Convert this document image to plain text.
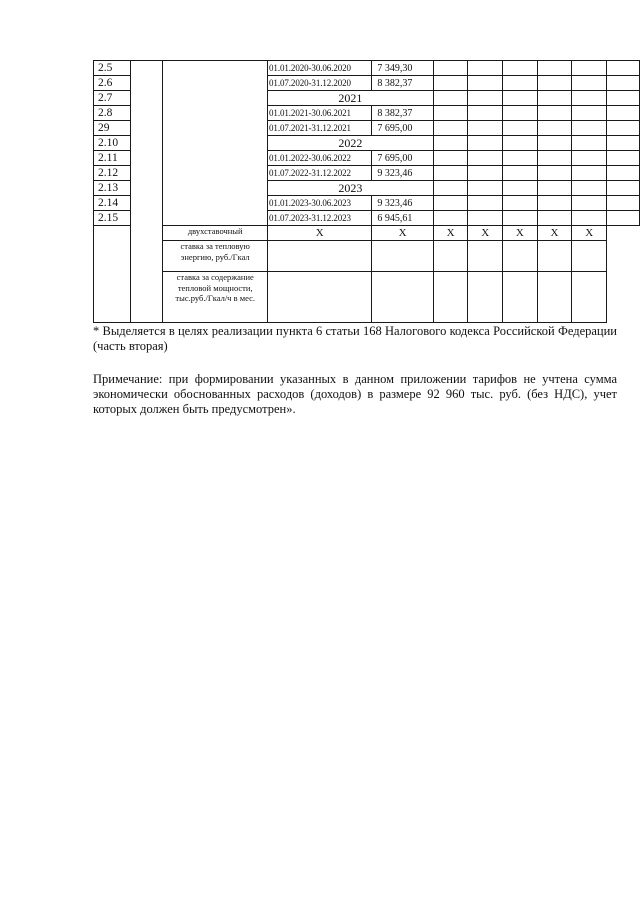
2.5			01.01.2020-30.06.2020	7 349,30						
2.6			01.07.2020-31.12.2020	8 382,37						
2.7			2021							
2.8			01.01.2021-30.06.2021	8 382,37						
29			01.07.2021-31.12.2021	7 695,00						
2.10			2022							
2.11			01.01.2022-30.06.2022	7 695,00						
2.12			01.07.2022-31.12.2022	9 323,46						
2.13			2023							
2.14			01.01.2023-30.06.2023	9 323,46						
2.15			01.07.2023-31.12.2023	6 945,61						
		двухставочный	X	X	X	X	X	X	X	
		ставка за тепловую энергию, руб./Гкал								
		ставка за содержание тепловой мощности, тыс.руб./Гкал/ч в мес.								
* Выделяется в целях реализации пункта 6 статьи 168 Налогового кодекса Российской Федерации (часть вторая)
Примечание: при формировании указанных в данном приложении тарифов не учтена сумма экономически обоснованных расходов (доходов) в размере 92 960 тыс. руб. (без НДС), учет которых должен быть предусмотрен».
